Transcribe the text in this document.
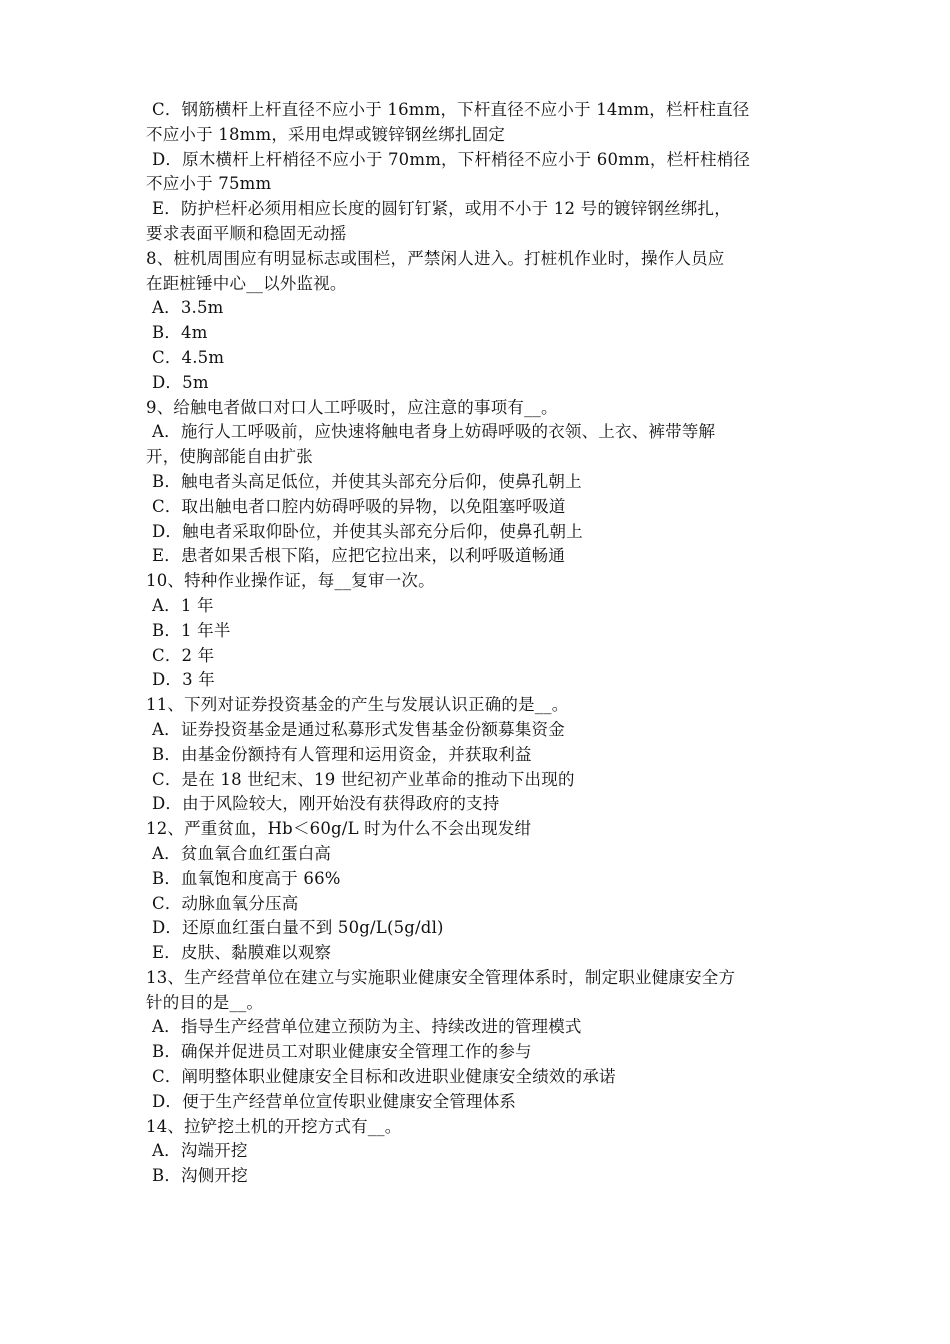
C．钢筋横杆上杆直径不应小于 16mm，下杆直径不应小于 14mm，栏杆柱直径
不应小于 18mm，采用电焊或镀锌钢丝绑扎固定
D．原木横杆上杆梢径不应小于 70mm，下杆梢径不应小于 60mm，栏杆柱梢径
不应小于 75mm
E．防护栏杆必须用相应长度的圆钉钉紧，或用不小于 12 号的镀锌钢丝绑扎，
要求表面平顺和稳固无动摇
8、桩机周围应有明显标志或围栏，严禁闲人进入。打桩机作业时，操作人员应
在距桩锤中心__以外监视。
A．3.5m
B．4m
C．4.5m
D．5m
9、给触电者做口对口人工呼吸时，应注意的事项有__。
A．施行人工呼吸前，应快速将触电者身上妨碍呼吸的衣领、上衣、裤带等解
开，使胸部能自由扩张
B．触电者头高足低位，并使其头部充分后仰，使鼻孔朝上
C．取出触电者口腔内妨碍呼吸的异物，以免阻塞呼吸道
D．触电者采取仰卧位，并使其头部充分后仰，使鼻孔朝上
E．患者如果舌根下陷，应把它拉出来，以利呼吸道畅通
10、特种作业操作证，每__复审一次。
A．1 年
B．1 年半
C．2 年
D．3 年
11、下列对证券投资基金的产生与发展认识正确的是__。
A．证券投资基金是通过私募形式发售基金份额募集资金
B．由基金份额持有人管理和运用资金，并获取利益
C．是在 18 世纪末、19 世纪初产业革命的推动下出现的
D．由于风险较大，刚开始没有获得政府的支持
12、严重贫血，Hb＜60g/L 时为什么不会出现发绀
A．贫血氧合血红蛋白高
B．血氧饱和度高于 66%
C．动脉血氧分压高
D．还原血红蛋白量不到 50g/L(5g/dl)
E．皮肤、黏膜难以观察
13、生产经营单位在建立与实施职业健康安全管理体系时，制定职业健康安全方
针的目的是__。
A．指导生产经营单位建立预防为主、持续改进的管理模式
B．确保并促进员工对职业健康安全管理工作的参与
C．阐明整体职业健康安全目标和改进职业健康安全绩效的承诺
D．便于生产经营单位宣传职业健康安全管理体系
14、拉铲挖土机的开挖方式有__。
A．沟端开挖
B．沟侧开挖
